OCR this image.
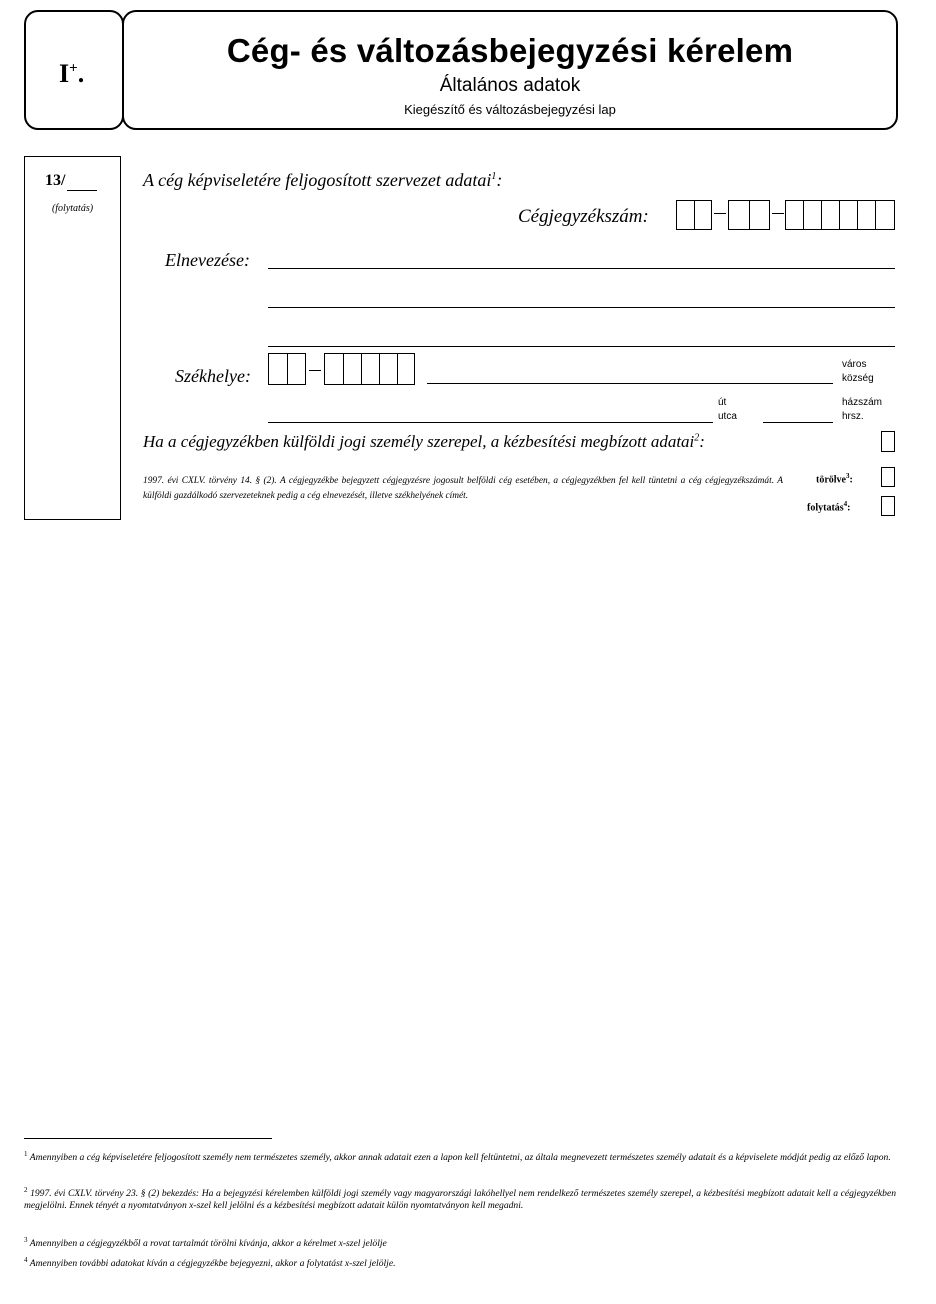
I+.
Cég- és változásbejegyzési kérelem
Általános adatok
Kiegészítő és változásbejegyzési lap
13/
(folytatás)
A cég képviseletére feljogosított szervezet adatai$^1$:
Cégjegyzékszám:
Elnevezése:
Székhelye:
város
község
út
utca
házszám
hrsz.
Ha a cégjegyzékben külföldi jogi személy szerepel, a kézbesítési megbízott adatai$^2$:
1997. évi CXLV. törvény 14. § (2). A cégjegyzékbe bejegyzett cégjegyzésre jogosult belföldi cég esetében, a cégjegyzékben fel kell tüntetni a cég cégjegyzékszámát. A külföldi gazdálkodó szervezeteknek pedig a cég elnevezését, illetve székhelyének címét.
törölve$^3$:
folytatás$^4$:
$^1$ Amennyiben a cég képviseletére feljogosított személy nem természetes személy, akkor annak adatait ezen a lapon kell feltüntetni, az általa megnevezett természetes személy adatait és a képviselete módját pedig az előző lapon.
$^2$ 1997. évi CXLV. törvény 23. § (2) bekezdés: Ha a bejegyzési kérelemben külföldi jogi személy vagy magyarországi lakóhellyel nem rendelkező természetes személy szerepel, a kézbesítési megbízott adatait kell a cégjegyzékben megjelölni. Ennek tényét a nyomtatványon x-szel kell jelölni és a kézbesítési megbízott adatait külön nyomtatványon kell megadni.
$^3$ Amennyiben a cégjegyzékből a rovat tartalmát törölni kívánja, akkor a kérelmet x-szel jelölje
$^4$ Amennyiben további adatokat kíván a cégjegyzékbe bejegyezni, akkor a folytatást x-szel jelölje.
